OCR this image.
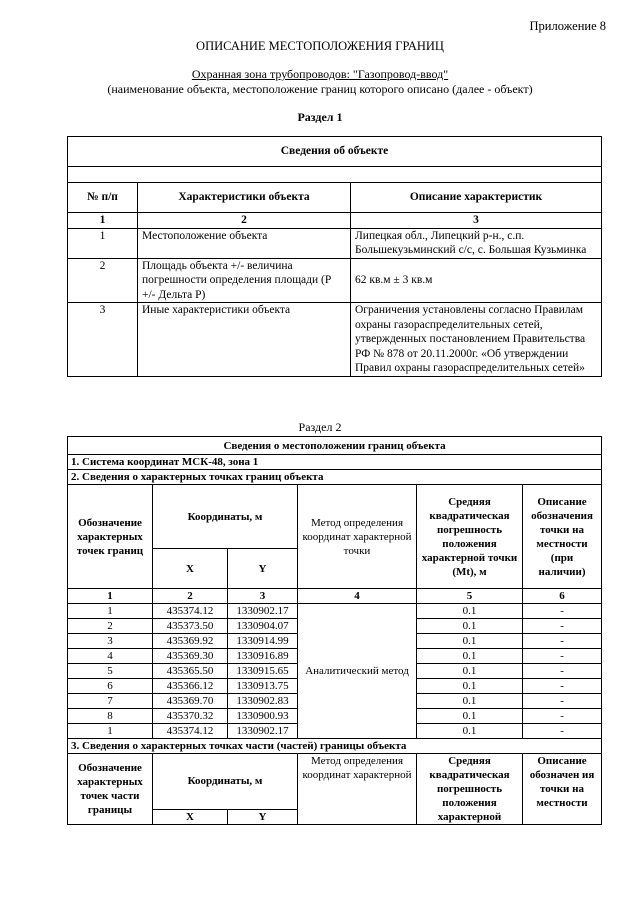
Приложение 8
ОПИСАНИЕ МЕСТОПОЛОЖЕНИЯ ГРАНИЦ
Охранная зона трубопроводов: "Газопровод-ввод"
(наименование объекта, местоположение границ которого описано (далее - объект)
Раздел 1
Сведения об объекте		

№ п/п	Характеристики объекта	Описание характеристик
1	2	3
1	Местоположение объекта	Липецкая обл., Липецкий р-н., с.п. Большекузьминский с/с, с. Большая Кузьминка
2	Площадь объекта +/- величина погрешности определения площади (Р +/- Дельта Р)	62 кв.м ± 3 кв.м
3	Иные характеристики объекта	Ограничения установлены согласно Правилам охраны газораспределительных сетей, утвержденных постановлением Правительства РФ № 878 от 20.11.2000г. «Об утверждении Правил охраны газораспределительных сетей»
Раздел 2
Сведения о местоположении границ объекта					
1. Система координат МСК-48, зона 1					
2. Сведения о характерных точках границ объекта					
Обозначение характерных точек границ	Координаты, м		Метод определения координат характерной точки	Средняя квадратическая погрешность положения характерной точки (Mt), м	Описание обозначения точки на местности (при наличии)
	X	Y			
1	2	3	4	5	6
1	435374.12	1330902.17	Аналитический метод	0.1	-
2	435373.50	1330904.07		0.1	-
3	435369.92	1330914.99		0.1	-
4	435369.30	1330916.89		0.1	-
5	435365.50	1330915.65		0.1	-
6	435366.12	1330913.75		0.1	-
7	435369.70	1330902.83		0.1	-
8	435370.32	1330900.93		0.1	-
1	435374.12	1330902.17		0.1	-
3. Сведения о характерных точках части (частей) границы объекта					
Обозначение характерных точек части границы	Координаты, м		Метод определения координат характерной	Средняя квадратическая погрешность положения характерной	Описание обозначен ия точки на местности
	X	Y			
